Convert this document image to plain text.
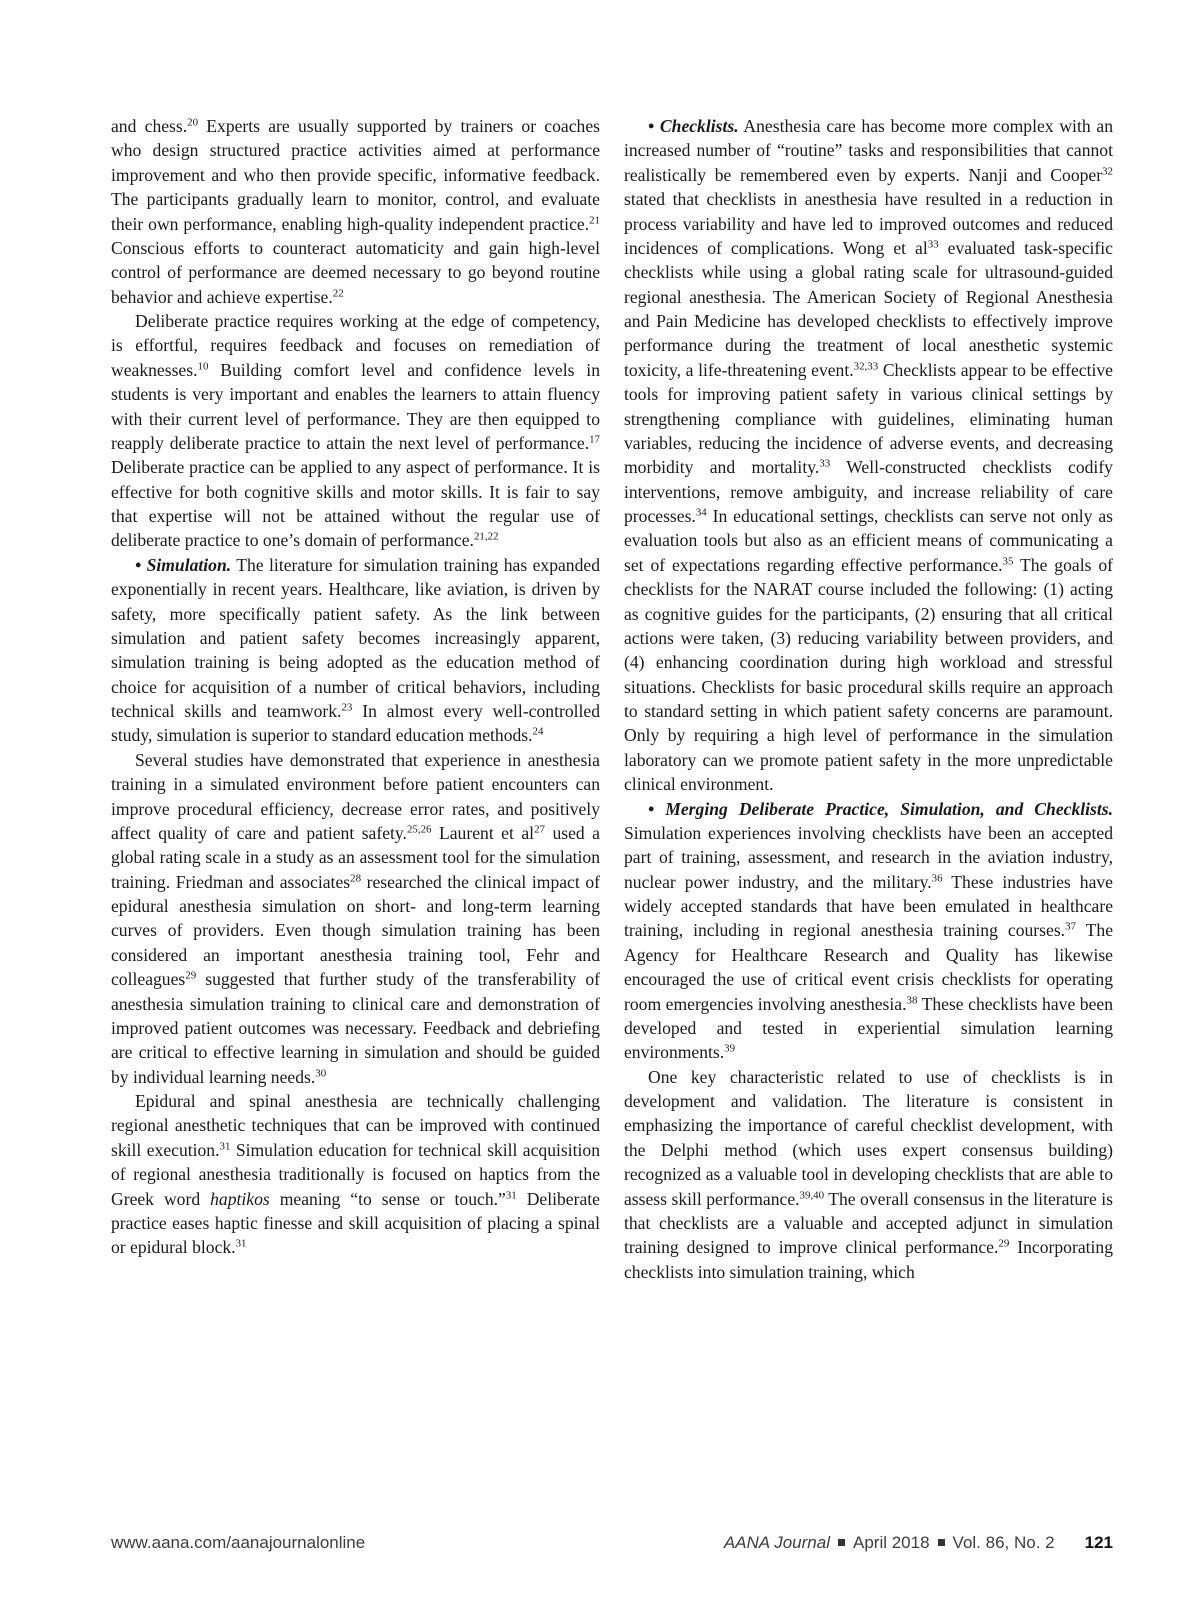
and chess.$^{20}$ Experts are usually supported by trainers or coaches who design structured practice activities aimed at performance improvement and who then provide specific, informative feedback. The participants gradually learn to monitor, control, and evaluate their own performance, enabling high-quality independent practice.$^{21}$ Conscious efforts to counteract automaticity and gain high-level control of performance are deemed necessary to go beyond routine behavior and achieve expertise.$^{22}$

Deliberate practice requires working at the edge of competency, is effortful, requires feedback and focuses on remediation of weaknesses.$^{10}$ Building comfort level and confidence levels in students is very important and enables the learners to attain fluency with their current level of performance. They are then equipped to reapply deliberate practice to attain the next level of performance.$^{17}$ Deliberate practice can be applied to any aspect of performance. It is effective for both cognitive skills and motor skills. It is fair to say that expertise will not be attained without the regular use of deliberate practice to one’s domain of performance.$^{21,22}$

• Simulation. The literature for simulation training has expanded exponentially in recent years. Healthcare, like aviation, is driven by safety, more specifically patient safety. As the link between simulation and patient safety becomes increasingly apparent, simulation training is being adopted as the education method of choice for acquisition of a number of critical behaviors, including technical skills and teamwork.$^{23}$ In almost every well-controlled study, simulation is superior to standard education methods.$^{24}$

Several studies have demonstrated that experience in anesthesia training in a simulated environment before patient encounters can improve procedural efficiency, decrease error rates, and positively affect quality of care and patient safety.$^{25,26}$ Laurent et $al^{27}$ used a global rating scale in a study as an assessment tool for the simulation training. Friedman and associates$^{28}$ researched the clinical impact of epidural anesthesia simulation on short- and long-term learning curves of providers. Even though simulation training has been considered an important anesthesia training tool, Fehr and colleagues$^{29}$ suggested that further study of the transferability of anesthesia simulation training to clinical care and demonstration of improved patient outcomes was necessary. Feedback and debriefing are critical to effective learning in simulation and should be guided by individual learning needs.$^{30}$

Epidural and spinal anesthesia are technically challenging regional anesthetic techniques that can be improved with continued skill execution.$^{31}$ Simulation education for technical skill acquisition of regional anesthesia traditionally is focused on haptics from the Greek word haptikos meaning “to sense or touch.”$^{31}$ Deliberate practice eases haptic finesse and skill acquisition of placing a spinal or epidural block.$^{31}$

• Checklists. Anesthesia care has become more complex with an increased number of “routine” tasks and responsibilities that cannot realistically be remembered even by experts. Nanji and Cooper$^{32}$ stated that checklists in anesthesia have resulted in a reduction in process variability and have led to improved outcomes and reduced incidences of complications. Wong et $al^{33}$ evaluated task-specific checklists while using a global rating scale for ultrasound-guided regional anesthesia. The American Society of Regional Anesthesia and Pain Medicine has developed checklists to effectively improve performance during the treatment of local anesthetic systemic toxicity, a life-threatening event.$^{32,33}$ Checklists appear to be effective tools for improving patient safety in various clinical settings by strengthening compliance with guidelines, eliminating human variables, reducing the incidence of adverse events, and decreasing morbidity and mortality.$^{33}$ Well-constructed checklists codify interventions, remove ambiguity, and increase reliability of care processes.$^{34}$ In educational settings, checklists can serve not only as evaluation tools but also as an efficient means of communicating a set of expectations regarding effective performance.$^{35}$ The goals of checklists for the NARAT course included the following: (1) acting as cognitive guides for the participants, (2) ensuring that all critical actions were taken, (3) reducing variability between providers, and (4) enhancing coordination during high workload and stressful situations. Checklists for basic procedural skills require an approach to standard setting in which patient safety concerns are paramount. Only by requiring a high level of performance in the simulation laboratory can we promote patient safety in the more unpredictable clinical environment.

• Merging Deliberate Practice, Simulation, and Checklists. Simulation experiences involving checklists have been an accepted part of training, assessment, and research in the aviation industry, nuclear power industry, and the military.$^{36}$ These industries have widely accepted standards that have been emulated in healthcare training, including in regional anesthesia training courses.$^{37}$ The Agency for Healthcare Research and Quality has likewise encouraged the use of critical event crisis checklists for operating room emergencies involving anesthesia.$^{38}$ These checklists have been developed and tested in experiential simulation learning environments.$^{39}$

One key characteristic related to use of checklists is in development and validation. The literature is consistent in emphasizing the importance of careful checklist development, with the Delphi method (which uses expert consensus building) recognized as a valuable tool in developing checklists that are able to assess skill performance.$^{39,40}$ The overall consensus in the literature is that checklists are a valuable and accepted adjunct in simulation training designed to improve clinical performance.$^{29}$ Incorporating checklists into simulation training, which

www.aana.com/aanajournalonline	AANA Journal April 2018 Vol. 86, No. 2 121
